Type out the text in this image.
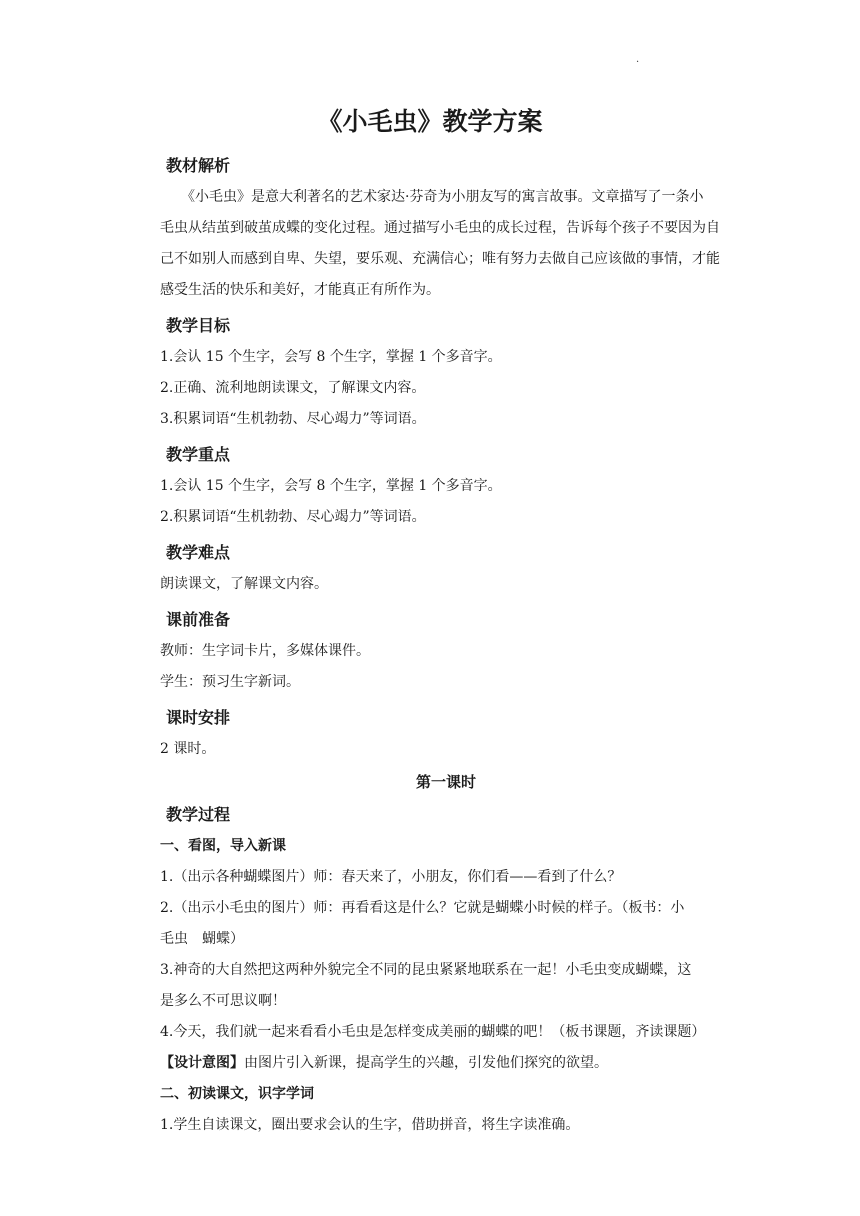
·
《小毛虫》教学方案
教材解析

　　《小毛虫》是意大利著名的艺术家达·芬奇为小朋友写的寓言故事。文章描写了一条小

毛虫从结茧到破茧成蝶的变化过程。通过描写小毛虫的成长过程，告诉每个孩子不要因为自

己不如别人而感到自卑、失望，要乐观、充满信心；唯有努力去做自己应该做的事情，才能

感受生活的快乐和美好，才能真正有所作为。

教学目标

1.会认 15 个生字，会写 8 个生字，掌握 1 个多音字。

2.正确、流利地朗读课文，了解课文内容。

3.积累词语“生机勃勃、尽心竭力”等词语。

教学重点

1.会认 15 个生字，会写 8 个生字，掌握 1 个多音字。

2.积累词语“生机勃勃、尽心竭力”等词语。

教学难点

朗读课文，了解课文内容。

课前准备

教师：生字词卡片，多媒体课件。

学生：预习生字新词。

课时安排

2 课时。

第一课时
教学过程

一、看图，导入新课

1.（出示各种蝴蝶图片）师：春天来了，小朋友，你们看——看到了什么？

2.（出示小毛虫的图片）师：再看看这是什么？它就是蝴蝶小时候的样子。（板书：小

毛虫　蝴蝶）

3.神奇的大自然把这两种外貌完全不同的昆虫紧紧地联系在一起！小毛虫变成蝴蝶，这

是多么不可思议啊！

4.今天，我们就一起来看看小毛虫是怎样变成美丽的蝴蝶的吧！（板书课题，齐读课题）

【设计意图】由图片引入新课，提高学生的兴趣，引发他们探究的欲望。

二、初读课文，识字学词

1.学生自读课文，圈出要求会认的生字，借助拼音，将生字读准确。
